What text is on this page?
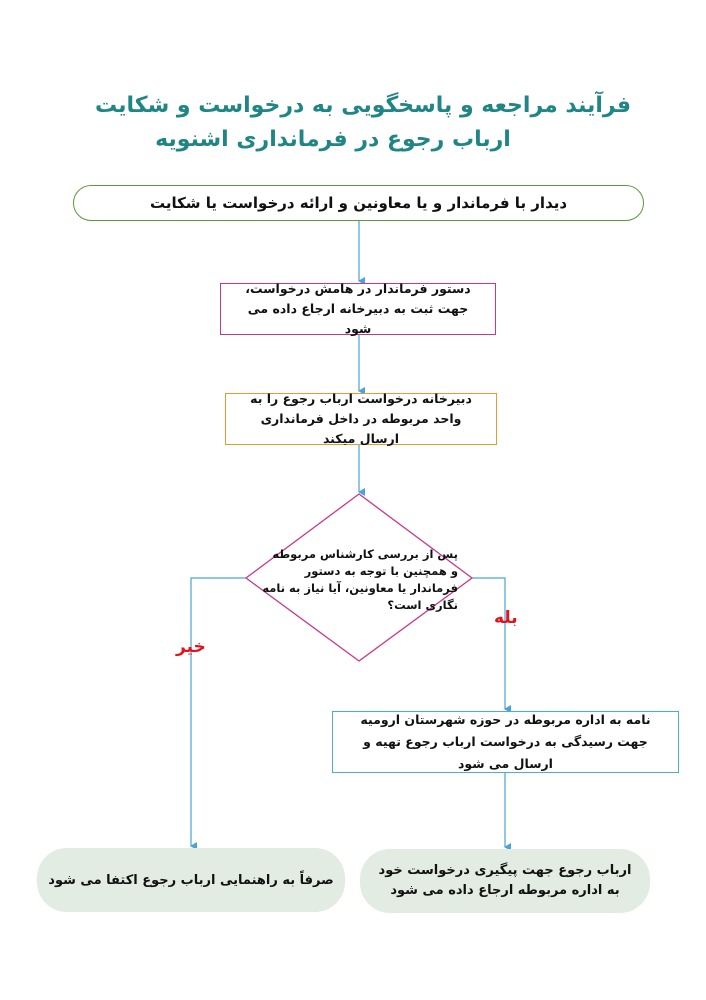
فرآیند مراجعه و پاسخگویی به درخواست و شکایت
ارباب رجوع در فرمانداری اشنویه
دیدار با فرماندار و یا معاونین و ارائه درخواست یا شکایت
دستور فرماندار در هامش درخواست، جهت ثبت به دبیرخانه ارجاع داده می شود
دبیرخانه درخواست ارباب رجوع را به واحد مربوطه در داخل فرمانداری ارسال میکند
پس از بررسی کارشناس مربوطه و همچنین با توجه به دستور فرماندار یا معاونین، آیا نیاز به نامه نگاری است؟
خیر
بله
نامه به اداره مربوطه در حوزه شهرستان ارومیه جهت رسیدگی به درخواست ارباب رجوع تهیه و ارسال می شود
صرفاً به راهنمایی ارباب رجوع اکتفا می شود
ارباب رجوع جهت پیگیری درخواست خود به اداره مربوطه ارجاع داده می شود
